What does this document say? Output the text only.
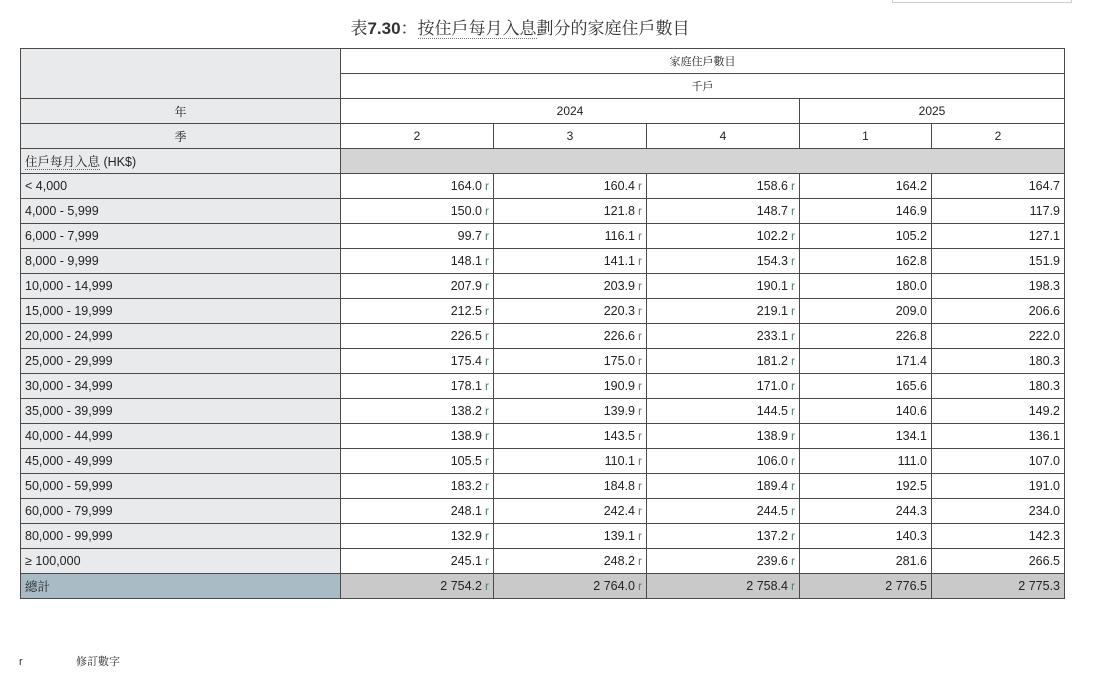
表7.30：按住戶每月入息劃分的家庭住戶數目
	家庭住戶數目				
	千戶				
年	2024			2025	
季	2	3	4	1	2
住戶每月入息 (HK$)					
< 4,000	164.0 r	160.4 r	158.6 r	164.2	164.7
4,000 - 5,999	150.0 r	121.8 r	148.7 r	146.9	117.9
6,000 - 7,999	99.7 r	116.1 r	102.2 r	105.2	127.1
8,000 - 9,999	148.1 r	141.1 r	154.3 r	162.8	151.9
10,000 - 14,999	207.9 r	203.9 r	190.1 r	180.0	198.3
15,000 - 19,999	212.5 r	220.3 r	219.1 r	209.0	206.6
20,000 - 24,999	226.5 r	226.6 r	233.1 r	226.8	222.0
25,000 - 29,999	175.4 r	175.0 r	181.2 r	171.4	180.3
30,000 - 34,999	178.1 r	190.9 r	171.0 r	165.6	180.3
35,000 - 39,999	138.2 r	139.9 r	144.5 r	140.6	149.2
40,000 - 44,999	138.9 r	143.5 r	138.9 r	134.1	136.1
45,000 - 49,999	105.5 r	110.1 r	106.0 r	111.0	107.0
50,000 - 59,999	183.2 r	184.8 r	189.4 r	192.5	191.0
60,000 - 79,999	248.1 r	242.4 r	244.5 r	244.3	234.0
80,000 - 99,999	132.9 r	139.1 r	137.2 r	140.3	142.3
≥ 100,000	245.1 r	248.2 r	239.6 r	281.6	266.5
總計	2 754.2 r	2 764.0 r	2 758.4 r	2 776.5	2 775.3
r	修訂數字
